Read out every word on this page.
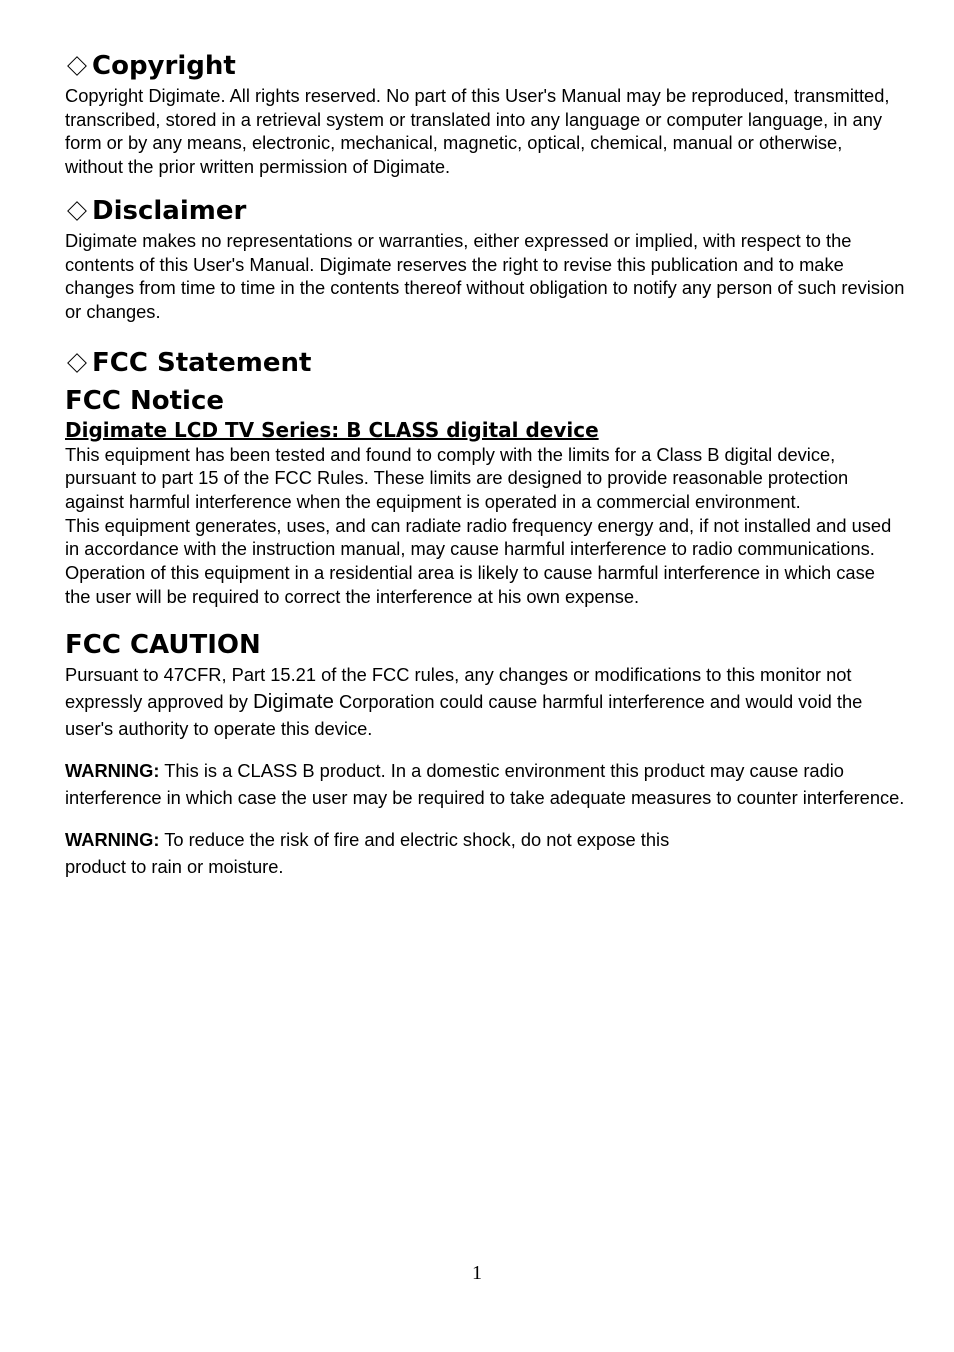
Copyright

Copyright Digimate. All rights reserved. No part of this User's Manual may be reproduced, transmitted, transcribed, stored in a retrieval system or translated into any language or computer language, in any form or by any means, electronic, mechanical, magnetic, optical, chemical, manual or otherwise, without the prior written permission of Digimate.

Disclaimer

Digimate makes no representations or warranties, either expressed or implied, with respect to the contents of this User's Manual. Digimate reserves the right to revise this publication and to make changes from time to time in the contents thereof without obligation to notify any person of such revision or changes.

FCC Statement
FCC Notice
Digimate LCD TV Series: B CLASS digital device

This equipment has been tested and found to comply with the limits for a Class B digital device, pursuant to part 15 of the FCC Rules. These limits are designed to provide reasonable protection against harmful interference when the equipment is operated in a commercial environment.

This equipment generates, uses, and can radiate radio frequency energy and, if not installed and used in accordance with the instruction manual, may cause harmful interference to radio communications. Operation of this equipment in a residential area is likely to cause harmful interference in which case the user will be required to correct the interference at his own expense.

FCC CAUTION

Pursuant to 47CFR, Part 15.21 of the FCC rules, any changes or modifications to this monitor not expressly approved by Digimate Corporation could cause harmful interference and would void the user's authority to operate this device.

WARNING: This is a CLASS B product. In a domestic environment this product may cause radio interference in which case the user may be required to take adequate measures to counter interference.

WARNING: To reduce the risk of fire and electric shock, do not expose this
product to rain or moisture.

1
